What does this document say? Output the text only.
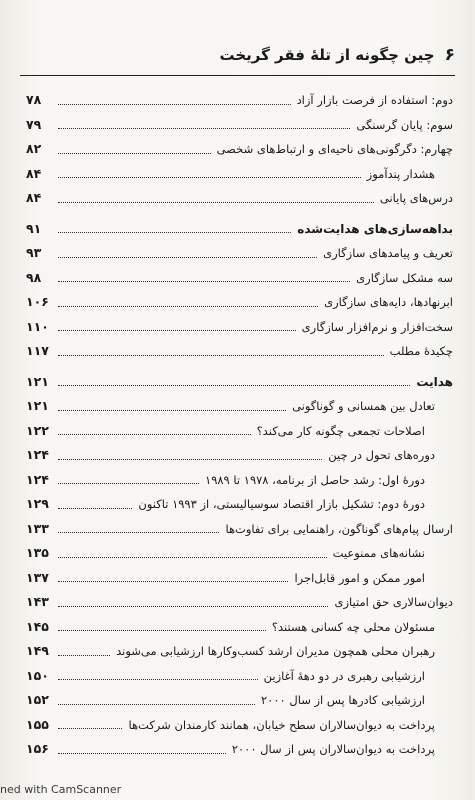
۶
چین چگونه از تلهٔ فقر گریخت
دوم: استفاده از فرصت بازار آزاد
۷۸
سوم: پایان گرسنگی
۷۹
چهارم: دگرگونی‌های ناحیه‌ای و ارتباط‌های شخصی
۸۲
هشدار پندآموز
۸۴
درس‌های پایانی
۸۴
بداهه‌سازی‌های هدایت‌شده
۹۱
تعریف و پیامدهای سازگاری
۹۳
سه مشکل سازگاری
۹۸
ابرنهادها، دایه‌های سازگاری
۱۰۶
سخت‌افزار و نرم‌افزار سازگاری
۱۱۰
چکیدهٔ مطلب
۱۱۷
هدایت
۱۲۱
تعادل بین همسانی و گوناگونی
۱۲۱
اصلاحات تجمعی چگونه کار می‌کند؟
۱۲۲
دوره‌های تحول در چین
۱۲۴
دورهٔ اول: رشد حاصل از برنامه، ۱۹۷۸ تا ۱۹۸۹
۱۲۴
دورهٔ دوم: تشکیل بازار اقتصاد سوسیالیستی، از ۱۹۹۳ تاکنون
۱۲۹
ارسال پیام‌های گوناگون، راهنمایی برای تفاوت‌ها
۱۳۳
نشانه‌های ممنوعیت
۱۳۵
امور ممکن و امور قابل‌اجرا
۱۳۷
دیوان‌سالاری حق امتیازی
۱۴۳
مسئولان محلی چه کسانی هستند؟
۱۴۵
رهبران محلی همچون مدیران ارشد کسب‌وکارها ارزشیابی می‌شوند
۱۴۹
ارزشیابی رهبری در دو دههٔ آغازین
۱۵۰
ارزشیابی کادرها پس از سال ۲۰۰۰
۱۵۲
پرداخت به دیوان‌سالاران سطح خیابان، همانند کارمندان شرکت‌ها
۱۵۵
پرداخت به دیوان‌سالاران پس از سال ۲۰۰۰
۱۵۶
ned with CamScanner
